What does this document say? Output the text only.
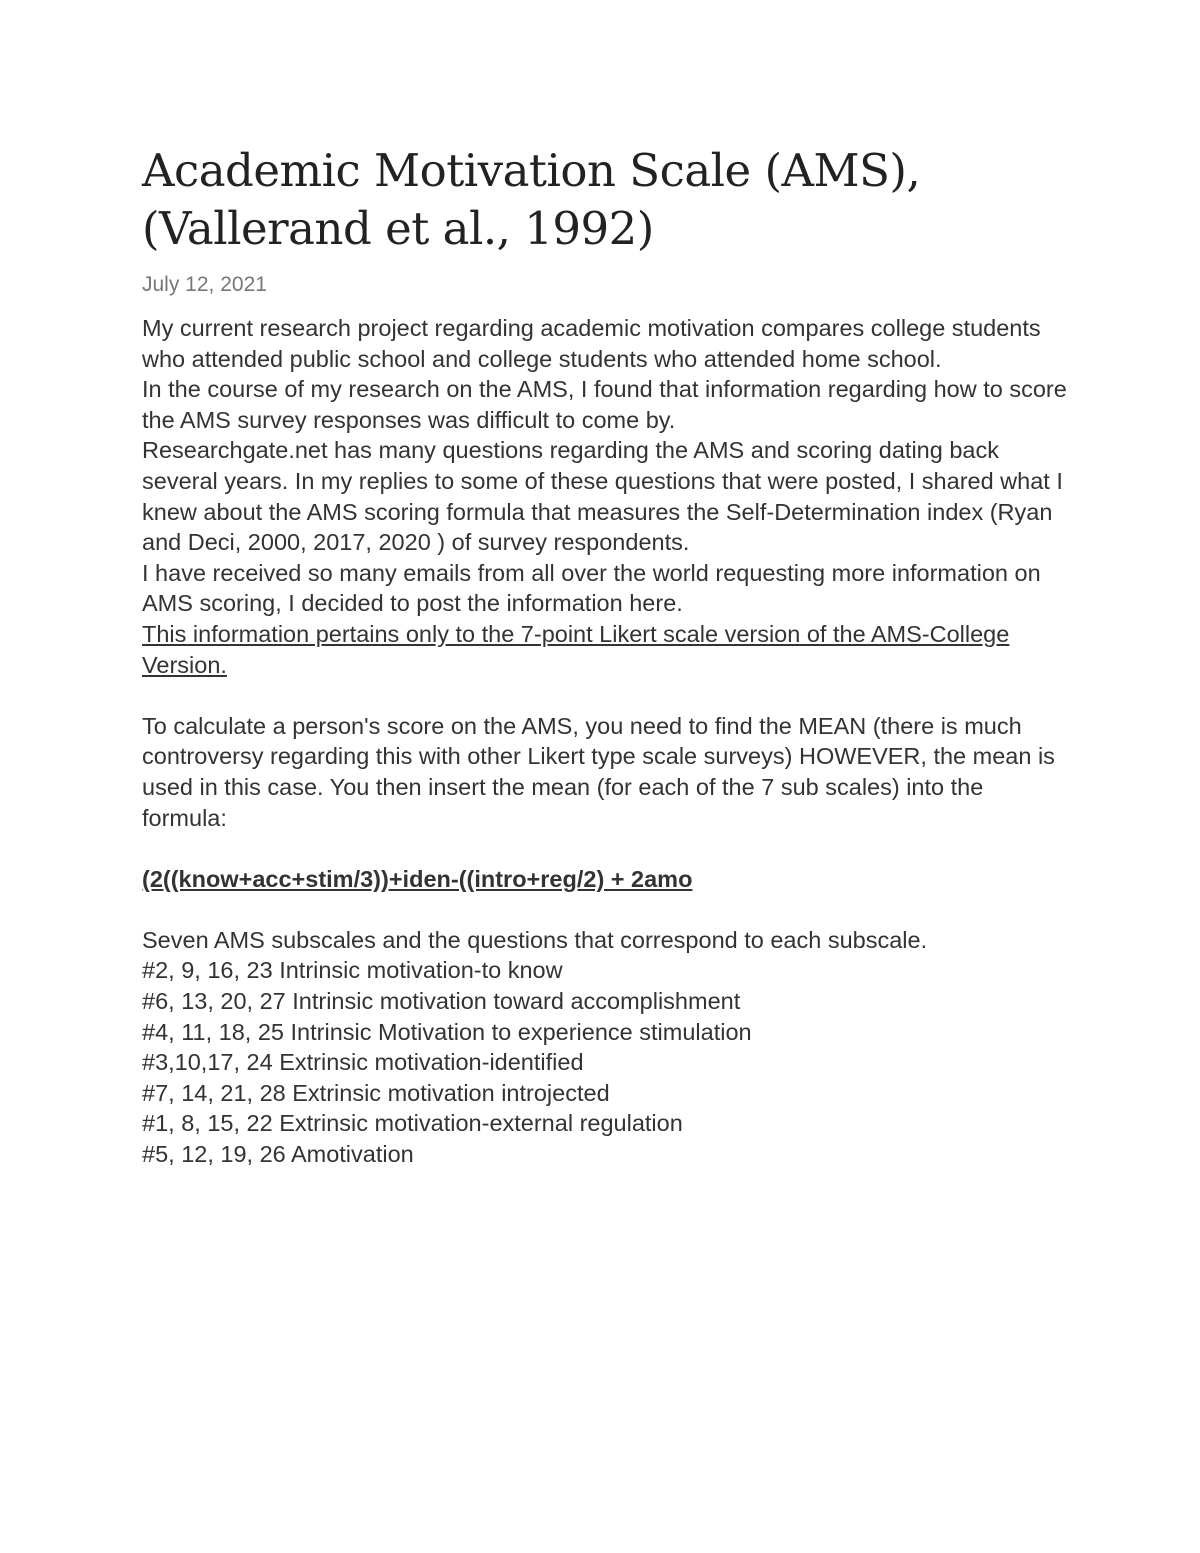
Academic Motivation Scale (AMS),
(Vallerand et al., 1992)
July 12, 2021

My current research project regarding academic motivation compares college students who attended public school and college students who attended home school.

In the course of my research on the AMS, I found that information regarding how to score the AMS survey responses was difficult to come by.

Researchgate.net has many questions regarding the AMS and scoring dating back several years. In my replies to some of these questions that were posted, I shared what I knew about the AMS scoring formula that measures the Self-Determination index (Ryan and Deci, 2000, 2017, 2020 ) of survey respondents.

I have received so many emails from all over the world requesting more information on AMS scoring, I decided to post the information here.

This information pertains only to the 7-point Likert scale version of the AMS-College Version.

To calculate a person's score on the AMS, you need to find the MEAN (there is much controversy regarding this with other Likert type scale surveys) HOWEVER, the mean is used in this case. You then insert the mean (for each of the 7 sub scales) into the formula:

(2((know+acc+stim/3))+iden-((intro+reg/2) + 2amo

Seven AMS subscales and the questions that correspond to each subscale.

#2, 9, 16, 23 Intrinsic motivation-to know
#6, 13, 20, 27 Intrinsic motivation toward accomplishment
#4, 11, 18, 25 Intrinsic Motivation to experience stimulation
#3,10,17, 24 Extrinsic motivation-identified
#7, 14, 21, 28 Extrinsic motivation introjected
#1, 8, 15, 22 Extrinsic motivation-external regulation
#5, 12, 19, 26 Amotivation
